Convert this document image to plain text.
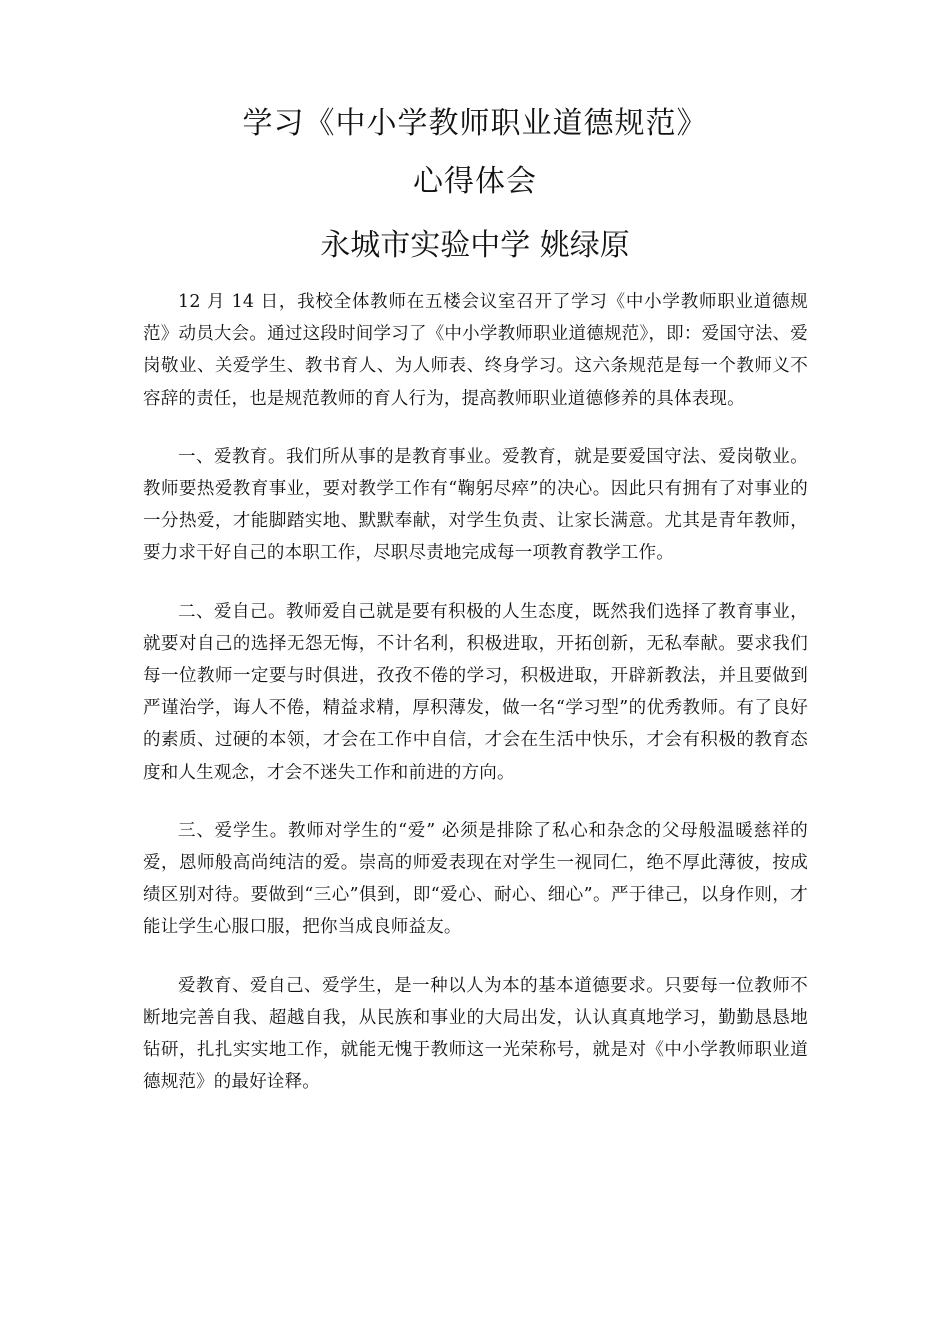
学习《中小学教师职业道德规范》
心得体会
永城市实验中学 姚绿原

12 月 14 日，我校全体教师在五楼会议室召开了学习《中小学教师职业道德规范》动员大会。通过这段时间学习了《中小学教师职业道德规范》，即：爱国守法、爱岗敬业、关爱学生、教书育人、为人师表、终身学习。这六条规范是每一个教师义不容辞的责任，也是规范教师的育人行为，提高教师职业道德修养的具体表现。

一、爱教育。我们所从事的是教育事业。爱教育，就是要爱国守法、爱岗敬业。教师要热爱教育事业，要对教学工作有“鞠躬尽瘁”的决心。因此只有拥有了对事业的一分热爱，才能脚踏实地、默默奉献，对学生负责、让家长满意。尤其是青年教师，要力求干好自己的本职工作，尽职尽责地完成每一项教育教学工作。

二、爱自己。教师爱自己就是要有积极的人生态度，既然我们选择了教育事业，就要对自己的选择无怨无悔，不计名利，积极进取，开拓创新，无私奉献。要求我们每一位教师一定要与时俱进，孜孜不倦的学习，积极进取，开辟新教法，并且要做到严谨治学，诲人不倦，精益求精，厚积薄发，做一名“学习型”的优秀教师。有了良好的素质、过硬的本领，才会在工作中自信，才会在生活中快乐，才会有积极的教育态度和人生观念，才会不迷失工作和前进的方向。

三、爱学生。教师对学生的“爱” 必须是排除了私心和杂念的父母般温暖慈祥的爱，恩师般高尚纯洁的爱。崇高的师爱表现在对学生一视同仁，绝不厚此薄彼，按成绩区别对待。要做到“三心”俱到，即“爱心、耐心、细心”。严于律己，以身作则，才能让学生心服口服，把你当成良师益友。

爱教育、爱自己、爱学生，是一种以人为本的基本道德要求。只要每一位教师不断地完善自我、超越自我，从民族和事业的大局出发，认认真真地学习，勤勤恳恳地钻研，扎扎实实地工作，就能无愧于教师这一光荣称号，就是对《中小学教师职业道德规范》的最好诠释。
